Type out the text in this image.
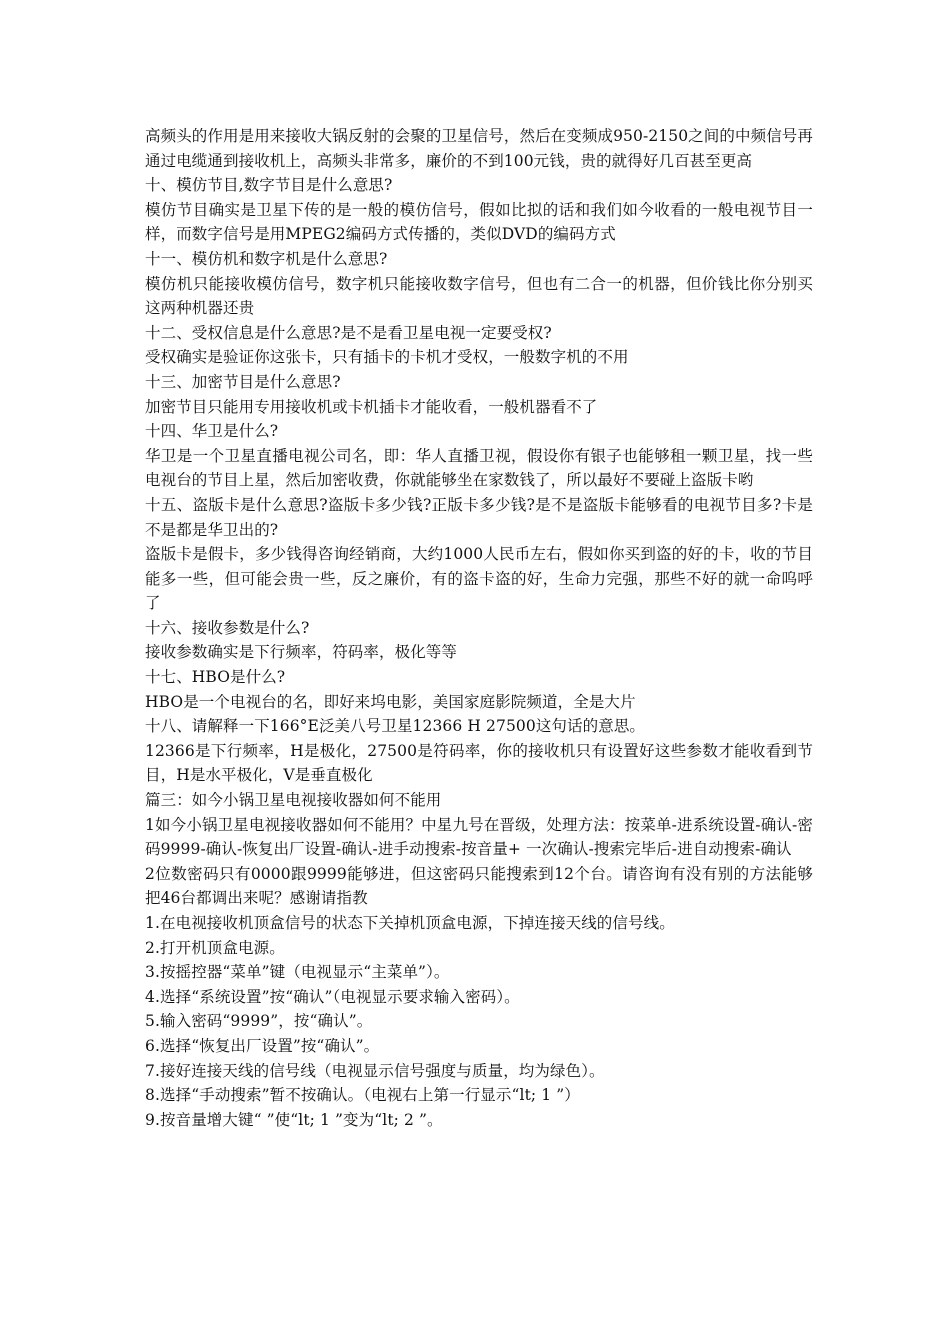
高频头的作用是用来接收大锅反射的会聚的卫星信号，然后在变频成950-2150之间的中频信号再通过电缆通到接收机上，高频头非常多，廉价的不到100元钱，贵的就得好几百甚至更高

十、模仿节目,数字节目是什么意思?

模仿节目确实是卫星下传的是一般的模仿信号，假如比拟的话和我们如今收看的一般电视节目一样，而数字信号是用MPEG2编码方式传播的，类似DVD的编码方式

十一、模仿机和数字机是什么意思?

模仿机只能接收模仿信号，数字机只能接收数字信号，但也有二合一的机器，但价钱比你分别买这两种机器还贵

十二、受权信息是什么意思?是不是看卫星电视一定要受权?

受权确实是验证你这张卡，只有插卡的卡机才受权，一般数字机的不用

十三、加密节目是什么意思?

加密节目只能用专用接收机或卡机插卡才能收看，一般机器看不了

十四、华卫是什么?

华卫是一个卫星直播电视公司名，即：华人直播卫视，假设你有银子也能够租一颗卫星，找一些电视台的节目上星，然后加密收费，你就能够坐在家数钱了，所以最好不要碰上盗版卡哟

十五、盗版卡是什么意思?盗版卡多少钱?正版卡多少钱?是不是盗版卡能够看的电视节目多?卡是不是都是华卫出的?

盗版卡是假卡，多少钱得咨询经销商，大约1000人民币左右，假如你买到盗的好的卡，收的节目能多一些，但可能会贵一些，反之廉价，有的盗卡盗的好，生命力完强，那些不好的就一命呜呼了

十六、接收参数是什么?

接收参数确实是下行频率，符码率，极化等等

十七、HBO是什么?

HBO是一个电视台的名，即好来坞电影，美国家庭影院频道，全是大片

十八、请解释一下166°E泛美八号卫星12366 H 27500这句话的意思。

12366是下行频率，H是极化，27500是符码率，你的接收机只有设置好这些参数才能收看到节目，H是水平极化，V是垂直极化

篇三：如今小锅卫星电视接收器如何不能用

1如今小锅卫星电视接收器如何不能用？中星九号在晋级，处理方法：按菜单-进系统设置-确认-密码9999-确认-恢复出厂设置-确认-进手动搜索-按音量+ 一次确认-搜索完毕后-进自动搜索-确认

2位数密码只有0000跟9999能够进，但这密码只能搜索到12个台。请咨询有没有别的方法能够把46台都调出来呢？感谢请指教

1.在电视接收机顶盒信号的状态下关掉机顶盒电源，下掉连接天线的信号线。

2.打开机顶盒电源。

3.按摇控器“菜单”键（电视显示“主菜单”）。

4.选择“系统设置”按“确认”（电视显示要求输入密码）。

5.输入密码“9999”，按“确认”。

6.选择“恢复出厂设置”按“确认”。

7.接好连接天线的信号线（电视显示信号强度与质量，均为绿色）。

8.选择“手动搜索”暂不按确认。（电视右上第一行显示“lt; 1 ”）

9.按音量增大键“ ”使“lt; 1 ”变为“lt; 2 ”。
